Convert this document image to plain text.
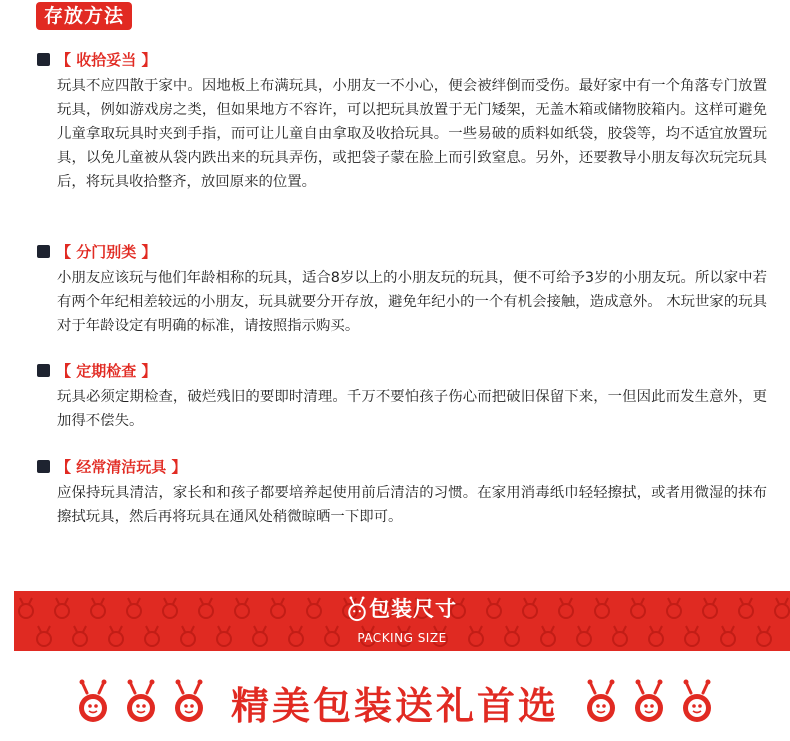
存放方法
【 收拾妥当 】
玩具不应四散于家中。因地板上布满玩具，小朋友一不小心，便会被绊倒而受伤。最好家中有一个角落专门放置玩具，例如游戏房之类，但如果地方不容许，可以把玩具放置于无门矮架，无盖木箱或储物胶箱内。这样可避免儿童拿取玩具时夹到手指，而可让儿童自由拿取及收拾玩具。一些易破的质料如纸袋，胶袋等，均不适宜放置玩具，以免儿童被从袋内跌出来的玩具弄伤，或把袋子蒙在脸上而引致窒息。另外，还要教导小朋友每次玩完玩具后，将玩具收拾整齐，放回原来的位置。
【 分门别类 】
小朋友应该玩与他们年龄相称的玩具，适合8岁以上的小朋友玩的玩具，便不可给予3岁的小朋友玩。所以家中若有两个年纪相差较远的小朋友，玩具就要分开存放，避免年纪小的一个有机会接触，造成意外。 木玩世家的玩具对于年龄设定有明确的标准，请按照指示购买。
【 定期检查 】
玩具必须定期检查，破烂残旧的要即时清理。千万不要怕孩子伤心而把破旧保留下来，一但因此而发生意外，更加得不偿失。
【 经常清洁玩具 】
应保持玩具清洁，家长和和孩子都要培养起使用前后清洁的习惯。在家用消毒纸巾轻轻擦拭，或者用微湿的抹布擦拭玩具，然后再将玩具在通风处稍微晾晒一下即可。
包装尺寸
PACKING SIZE
精美包装送礼首选
